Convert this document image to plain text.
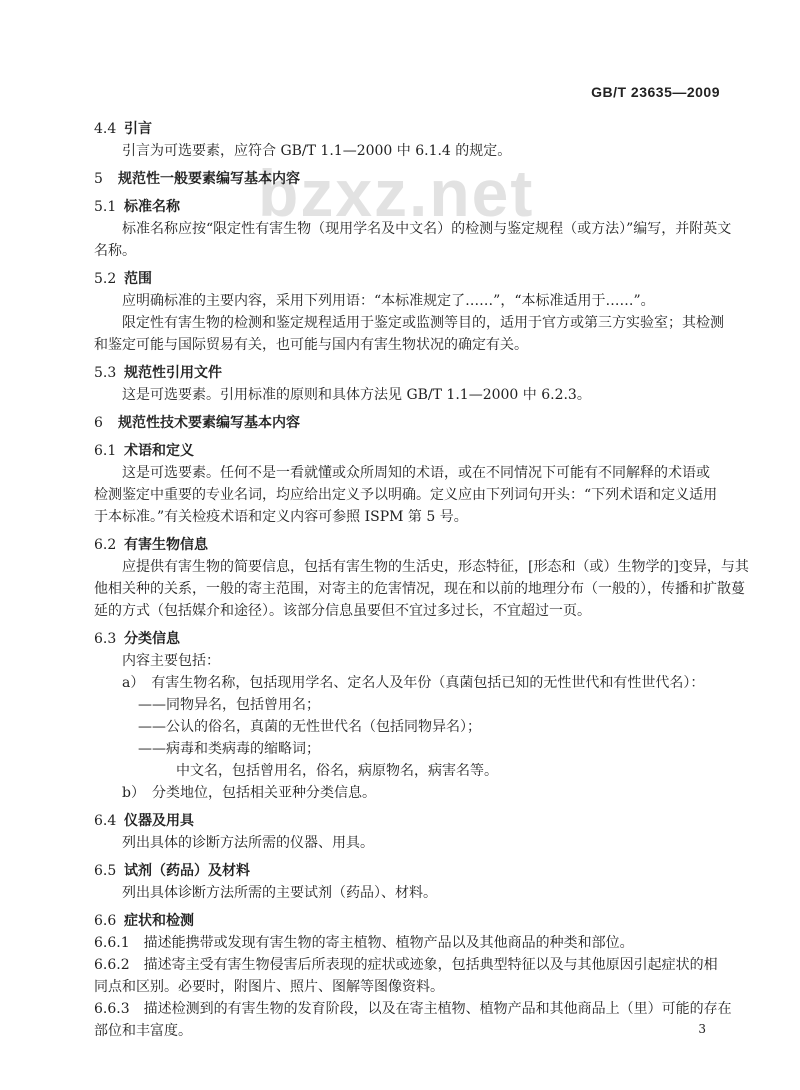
GB/T 23635—2009
bzxz.net
4.4 引言
引言为可选要素，应符合 GB/T 1.1—2000 中 6.1.4 的规定。
5 规范性一般要素编写基本内容
5.1 标准名称
标准名称应按“限定性有害生物（现用学名及中文名）的检测与鉴定规程（或方法）”编写，并附英文
名称。
5.2 范围
应明确标准的主要内容，采用下列用语：“本标准规定了……”，“本标准适用于……”。
限定性有害生物的检测和鉴定规程适用于鉴定或监测等目的，适用于官方或第三方实验室；其检测
和鉴定可能与国际贸易有关，也可能与国内有害生物状况的确定有关。
5.3 规范性引用文件
这是可选要素。引用标准的原则和具体方法见 GB/T 1.1—2000 中 6.2.3。
6 规范性技术要素编写基本内容
6.1 术语和定义
这是可选要素。任何不是一看就懂或众所周知的术语，或在不同情况下可能有不同解释的术语或
检测鉴定中重要的专业名词，均应给出定义予以明确。定义应由下列词句开头：“下列术语和定义适用
于本标准。”有关检疫术语和定义内容可参照 ISPM 第 5 号。
6.2 有害生物信息
应提供有害生物的简要信息，包括有害生物的生活史，形态特征，[形态和（或）生物学的]变异，与其
他相关种的关系，一般的寄主范围，对寄主的危害情况，现在和以前的地理分布（一般的），传播和扩散蔓
延的方式（包括媒介和途径）。该部分信息虽要但不宜过多过长，不宜超过一页。
6.3 分类信息
内容主要包括：
a）　有害生物名称，包括现用学名、定名人及年份（真菌包括已知的无性世代和有性世代名）：
——同物异名，包括曾用名；
——公认的俗名，真菌的无性世代名（包括同物异名）；
——病毒和类病毒的缩略词；
中文名，包括曾用名，俗名，病原物名，病害名等。
b）　分类地位，包括相关亚种分类信息。
6.4 仪器及用具
列出具体的诊断方法所需的仪器、用具。
6.5 试剂（药品）及材料
列出具体诊断方法所需的主要试剂（药品）、材料。
6.6 症状和检测
6.6.1　描述能携带或发现有害生物的寄主植物、植物产品以及其他商品的种类和部位。
6.6.2　描述寄主受有害生物侵害后所表现的症状或迹象，包括典型特征以及与其他原因引起症状的相
同点和区别。必要时，附图片、照片、图解等图像资料。
6.6.3　描述检测到的有害生物的发育阶段，以及在寄主植物、植物产品和其他商品上（里）可能的存在
部位和丰富度。	3
